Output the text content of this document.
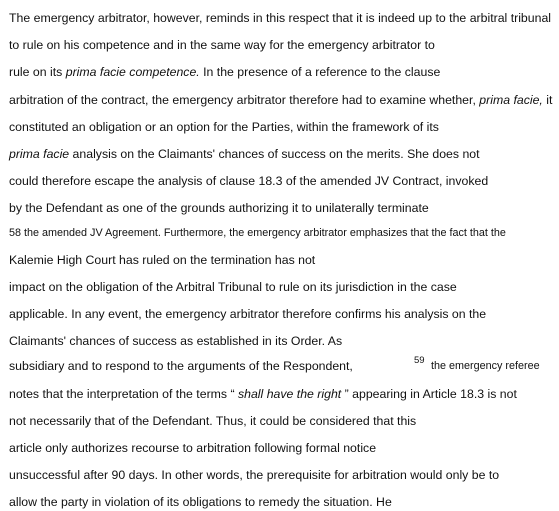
The emergency arbitrator, however, reminds in this respect that it is indeed up to the arbitral tribunal
to rule on his competence and in the same way for the emergency arbitrator to
rule on its prima facie competence. In the presence of a reference to the clause
arbitration of the contract, the emergency arbitrator therefore had to examine whether, prima facie, it
constituted an obligation or an option for the Parties, within the framework of its
prima facie analysis on the Claimants' chances of success on the merits. She does not
could therefore escape the analysis of clause 18.3 of the amended JV Contract, invoked
by the Defendant as one of the grounds authorizing it to unilaterally terminate
58 the amended JV Agreement. Furthermore, the emergency arbitrator emphasizes that the fact that the
Kalemie High Court has ruled on the termination has not
impact on the obligation of the Arbitral Tribunal to rule on its jurisdiction in the case
applicable. In any event, the emergency arbitrator therefore confirms his analysis on the
Claimants' chances of success as established in its Order. As
subsidiary and to respond to the arguments of the Respondent,	59 the emergency referee
notes that the interpretation of the terms “ shall have the right ” appearing in Article 18.3 is not
not necessarily that of the Defendant. Thus, it could be considered that this
article only authorizes recourse to arbitration following formal notice
unsuccessful after 90 days. In other words, the prerequisite for arbitration would only be to
allow the party in violation of its obligations to remedy the situation. He
